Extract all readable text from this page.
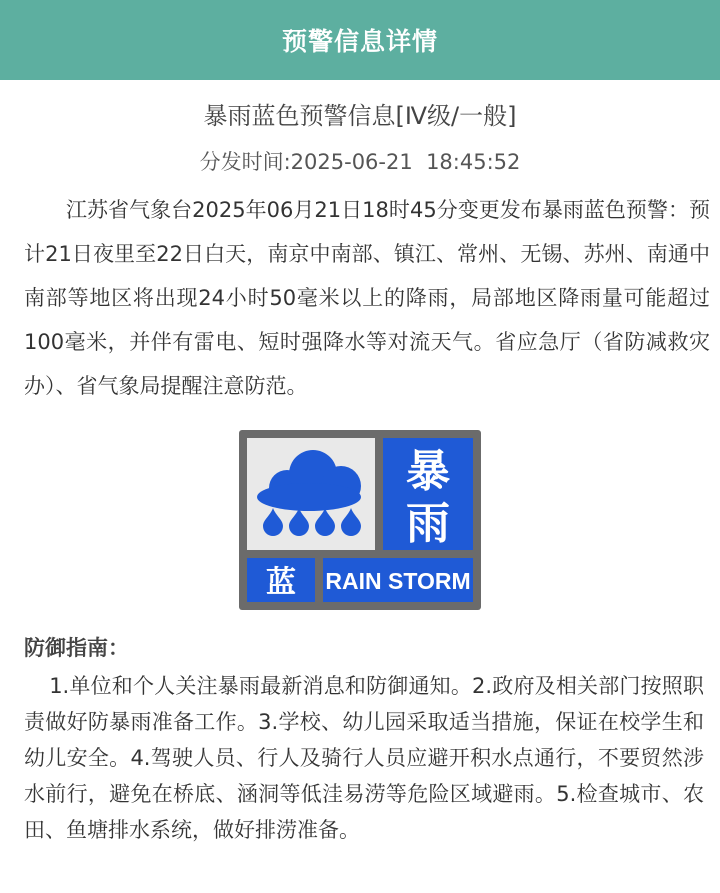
预警信息详情
暴雨蓝色预警信息[Ⅳ级/一般]
分发时间:2025-06-21  18:45:52
江苏省气象台2025年06月21日18时45分变更发布暴雨蓝色预警：预计21日夜里至22日白天，南京中南部、镇江、常州、无锡、苏州、南通中南部等地区将出现24小时50毫米以上的降雨，局部地区降雨量可能超过100毫米，并伴有雷电、短时强降水等对流天气。省应急厅（省防减救灾办）、省气象局提醒注意防范。
暴
雨
蓝 RAIN STORM
防御指南：
1.单位和个人关注暴雨最新消息和防御通知。2.政府及相关部门按照职责做好防暴雨准备工作。3.学校、幼儿园采取适当措施，保证在校学生和幼儿安全。4.驾驶人员、行人及骑行人员应避开积水点通行，不要贸然涉水前行，避免在桥底、涵洞等低洼易涝等危险区域避雨。5.检查城市、农田、鱼塘排水系统，做好排涝准备。
